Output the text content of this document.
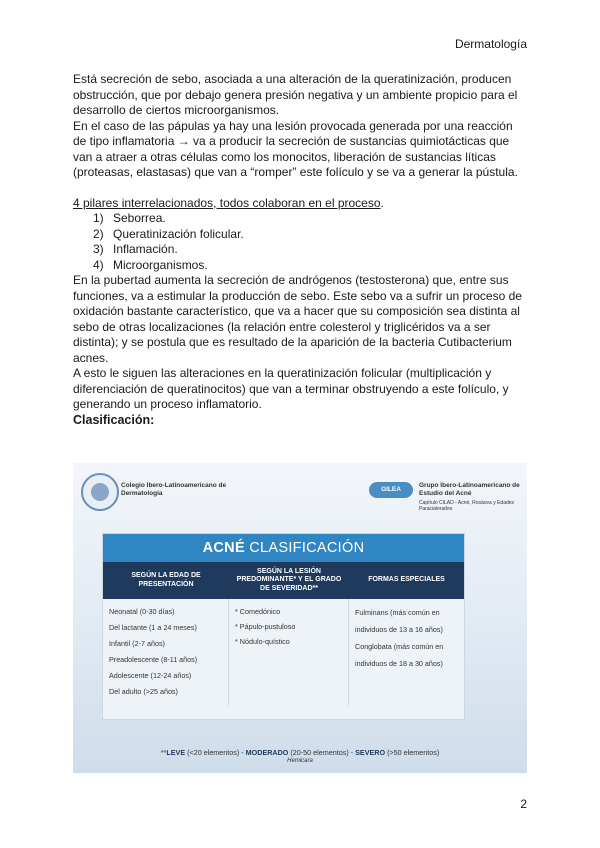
Dermatología

Está secreción de sebo, asociada a una alteración de la queratinización, producen obstrucción, que por debajo genera presión negativa y un ambiente propicio para el desarrollo de ciertos microorganismos.

En el caso de las pápulas ya hay una lesión provocada generada por una reacción de tipo inflamatoria → va a producir la secreción de sustancias quimiotácticas que van a atraer a otras células como los monocitos, liberación de sustancias líticas (proteasas, elastasas) que van a “romper” este folículo y se va a generar la pústula.

4 pilares interrelacionados, todos colaboran en el proceso.

1) Seborrea.
2) Queratinización folicular.
3) Inflamación.
4) Microorganismos.

En la pubertad aumenta la secreción de andrógenos (testosterona) que, entre sus funciones, va a estimular la producción de sebo. Este sebo va a sufrir un proceso de oxidación bastante característico, que va a hacer que su composición sea distinta al sebo de otras localizaciones (la relación entre colesterol y triglicéridos va a ser distinta); y se postula que es resultado de la aparición de la bacteria Cutibacterium acnes.

A esto le siguen las alteraciones en la queratinización folicular (multiplicación y diferenciación de queratinocitos) que van a terminar obstruyendo a este folículo, y generando un proceso inflamatorio.

Clasificación:

Colegio Ibero-Latinoamericano de Dermatología
GILEA
Grupo Ibero-Latinoamericano de Estudio del Acné
Capítulo CILAD - Acné, Rosácea y Edades Paracialerades
ACNÉ CLASIFICACIÓN
SEGÚN LA EDAD DE PRESENTACIÓN
SEGÚN LA LESIÓN PREDOMINANTE* Y EL GRADO DE SEVERIDAD**
FORMAS ESPECIALES
Neonatal (0-30 días)
Del lactante (1 a 24 meses)
Infantil (2-7 años)
Preadolescente (8-11 años)
Adolescente (12-24 años)
Del adulto (>25 años)
* Comedónico
* Pápulo-pustuloso
* Nódulo-quístico
Fulminans (más común en
individuos de 13 a 16 años)
Conglobata (más común en
individuos de 18 a 30 años)
**LEVE (<20 elementos) - MODERADO (20-50 elementos) - SEVERO (>50 elementos)
Hemicara
2
